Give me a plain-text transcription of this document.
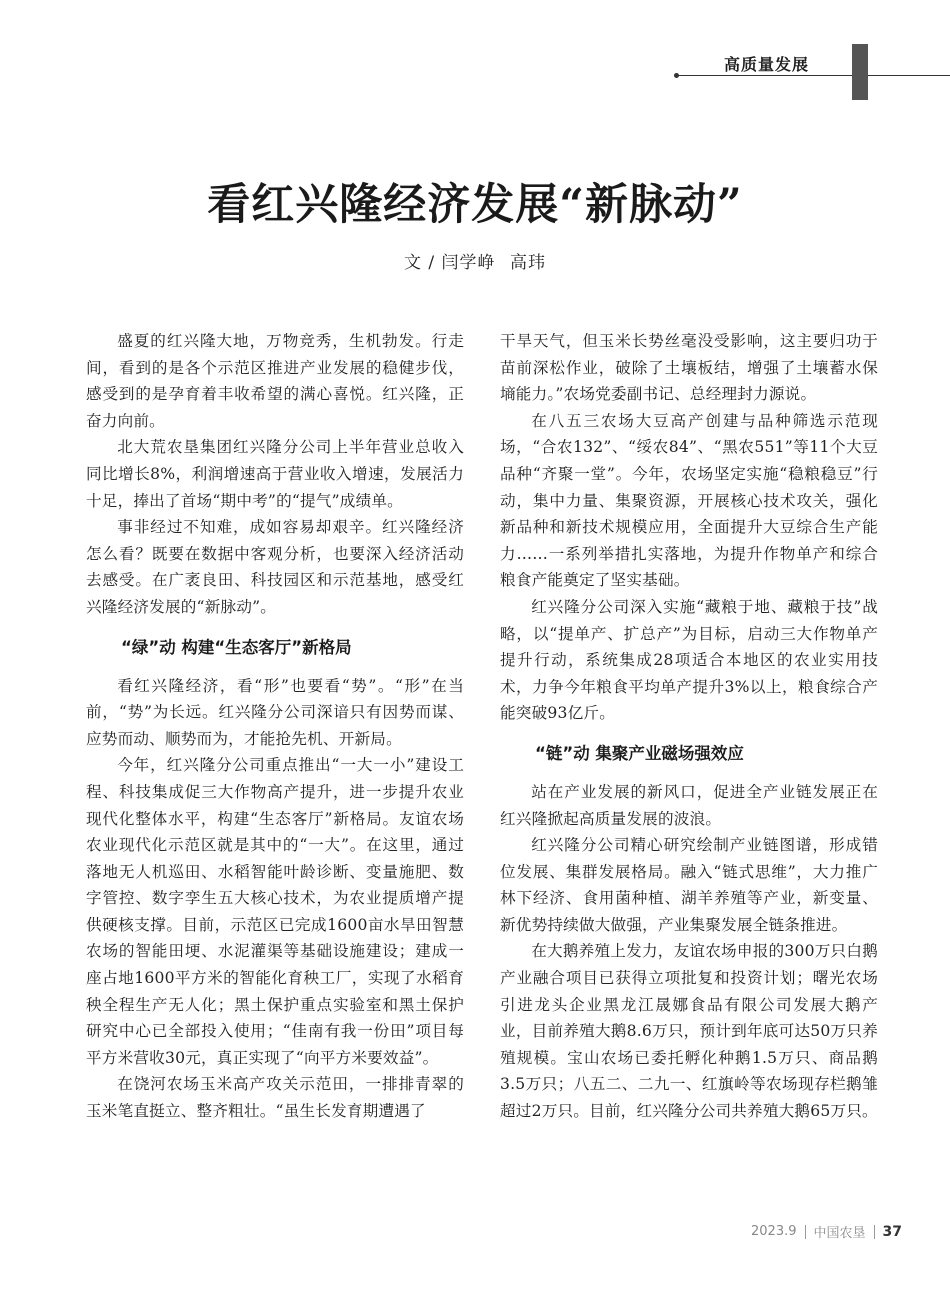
高质量发展
看红兴隆经济发展“新脉动”
文 / 闫学峥 高玮

盛夏的红兴隆大地，万物竞秀，生机勃发。行走间，看到的是各个示范区推进产业发展的稳健步伐，感受到的是孕育着丰收希望的满心喜悦。红兴隆，正奋力向前。

北大荒农垦集团红兴隆分公司上半年营业总收入同比增长8%，利润增速高于营业收入增速，发展活力十足，捧出了首场“期中考”的“提气”成绩单。

事非经过不知难，成如容易却艰辛。红兴隆经济怎么看？既要在数据中客观分析，也要深入经济活动去感受。在广袤良田、科技园区和示范基地，感受红兴隆经济发展的“新脉动”。

“绿”动 构建“生态客厅”新格局

看红兴隆经济，看“形”也要看“势”。“形”在当前，“势”为长远。红兴隆分公司深谙只有因势而谋、应势而动、顺势而为，才能抢先机、开新局。

今年，红兴隆分公司重点推出“一大一小”建设工程、科技集成促三大作物高产提升，进一步提升农业现代化整体水平，构建“生态客厅”新格局。友谊农场农业现代化示范区就是其中的“一大”。在这里，通过落地无人机巡田、水稻智能叶龄诊断、变量施肥、数字管控、数字孪生五大核心技术，为农业提质增产提供硬核支撑。目前，示范区已完成1600亩水旱田智慧农场的智能田埂、水泥灌渠等基础设施建设；建成一座占地1600平方米的智能化育秧工厂，实现了水稻育秧全程生产无人化；黑土保护重点实验室和黑土保护研究中心已全部投入使用；“佳南有我一份田”项目每平方米营收30元，真正实现了“向平方米要效益”。

在饶河农场玉米高产攻关示范田，一排排青翠的玉米笔直挺立、整齐粗壮。“虽生长发育期遭遇了

干旱天气，但玉米长势丝毫没受影响，这主要归功于苗前深松作业，破除了土壤板结，增强了土壤蓄水保墒能力。”农场党委副书记、总经理封力源说。

在八五三农场大豆高产创建与品种筛选示范现场，“合农132”、“绥农84”、“黑农551”等11个大豆品种“齐聚一堂”。今年，农场坚定实施“稳粮稳豆”行动，集中力量、集聚资源，开展核心技术攻关，强化新品种和新技术规模应用，全面提升大豆综合生产能力……一系列举措扎实落地，为提升作物单产和综合粮食产能奠定了坚实基础。

红兴隆分公司深入实施“藏粮于地、藏粮于技”战略，以“提单产、扩总产”为目标，启动三大作物单产提升行动，系统集成28项适合本地区的农业实用技术，力争今年粮食平均单产提升3%以上，粮食综合产能突破93亿斤。

“链”动 集聚产业磁场强效应

站在产业发展的新风口，促进全产业链发展正在红兴隆掀起高质量发展的波浪。

红兴隆分公司精心研究绘制产业链图谱，形成错位发展、集群发展格局。融入“链式思维”，大力推广林下经济、食用菌种植、湖羊养殖等产业，新变量、新优势持续做大做强，产业集聚发展全链条推进。

在大鹅养殖上发力，友谊农场申报的300万只白鹅产业融合项目已获得立项批复和投资计划；曙光农场引进龙头企业黑龙江晟娜食品有限公司发展大鹅产业，目前养殖大鹅8.6万只，预计到年底可达50万只养殖规模。宝山农场已委托孵化种鹅1.5万只、商品鹅3.5万只；八五二、二九一、红旗岭等农场现存栏鹅雏超过2万只。目前，红兴隆分公司共养殖大鹅65万只。

2023.9 中国农垦 37
